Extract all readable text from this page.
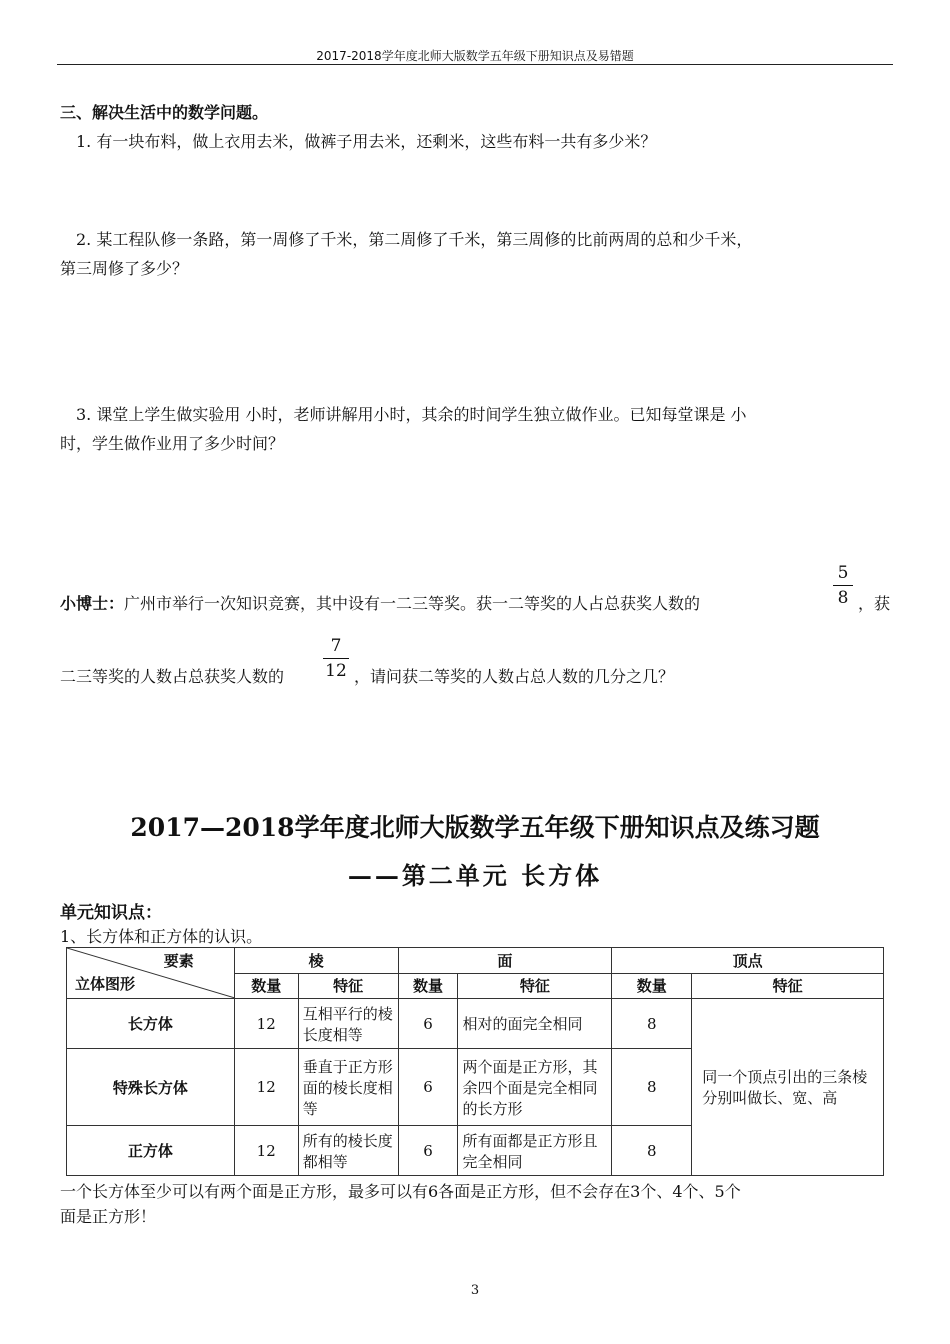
2017-2018学年度北师大版数学五年级下册知识点及易错题
三、解决生活中的数学问题。
1. 有一块布料，做上衣用去米，做裤子用去米，还剩米，这些布料一共有多少米？
2. 某工程队修一条路，第一周修了千米，第二周修了千米，第三周修的比前两周的总和少千米，
第三周修了多少？
3. 课堂上学生做实验用 小时，老师讲解用小时，其余的时间学生独立做作业。已知每堂课是 小
时，学生做作业用了多少时间？
小博士：广州市举行一次知识竞赛，其中设有一二三等奖。获一二等奖的人占总获奖人数的
5
8 ，获
二三等奖的人数占总获奖人数的
7
12 ，请问获二等奖的人数占总人数的几分之几？
2017—2018学年度北师大版数学五年级下册知识点及练习题
——第二单元 长方体
单元知识点：
1、长方体和正方体的认识。
要素
立体图形	棱		面		顶点	
	数量	特征	数量	特征	数量	特征
长方体	12	互相平行的棱长度相等	6	相对的面完全相同	8	同一个顶点引出的三条棱分别叫做长、宽、高
特殊长方体	12	垂直于正方形面的棱长度相等	6	两个面是正方形，其余四个面是完全相同的长方形	8	
正方体	12	所有的棱长度都相等	6	所有面都是正方形且完全相同	8	
一个长方体至少可以有两个面是正方形，最多可以有6各面是正方形，但不会存在3个、4个、5个
面是正方形！
3
